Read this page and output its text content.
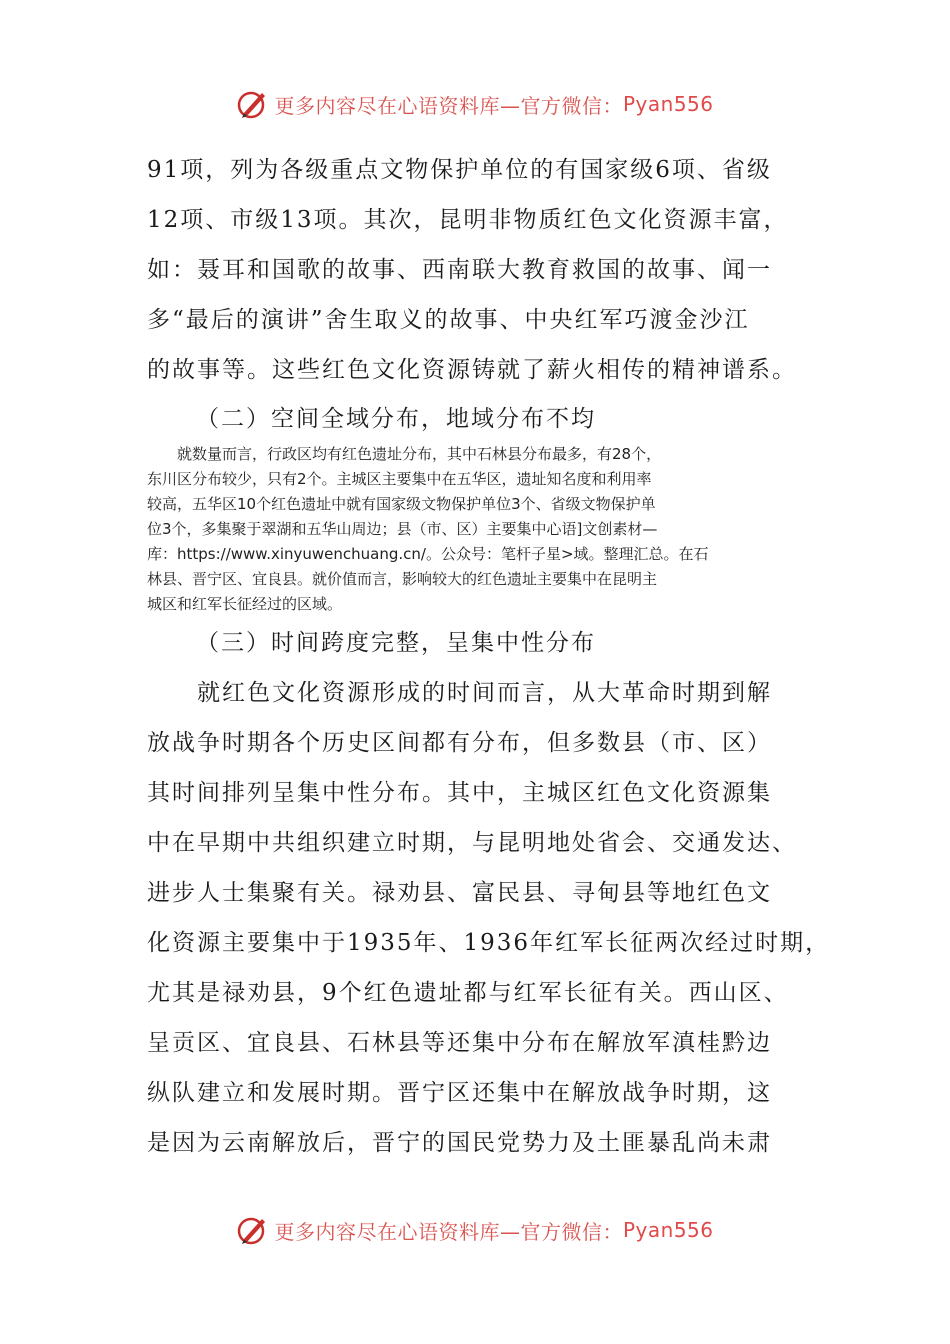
更多内容尽在心语资料库—官方微信： Pyan556
91项，列为各级重点文物保护单位的有国家级6项、省级
12项、市级13项。其次，昆明非物质红色文化资源丰富，
如：聂耳和国歌的故事、西南联大教育救国的故事、闻一
多“最后的演讲”舍生取义的故事、中央红军巧渡金沙江
的故事等。这些红色文化资源铸就了薪火相传的精神谱系。
（二）空间全域分布，地域分布不均
　　就数量而言，行政区均有红色遗址分布，其中石林县分布最多，有28个，
东川区分布较少，只有2个。主城区主要集中在五华区，遗址知名度和利用率
较高，五华区10个红色遗址中就有国家级文物保护单位3个、省级文物保护单
位3个，多集聚于翠湖和五华山周边；县（市、区）主要集中心语]文创素材—
库：https://www.xinyuwenchuang.cn/。公众号：笔杆子星>域。整理汇总。在石
林县、晋宁区、宜良县。就价值而言，影响较大的红色遗址主要集中在昆明主
城区和红军长征经过的区域。
（三）时间跨度完整，呈集中性分布
　　就红色文化资源形成的时间而言，从大革命时期到解
放战争时期各个历史区间都有分布，但多数县（市、区）
其时间排列呈集中性分布。其中，主城区红色文化资源集
中在早期中共组织建立时期，与昆明地处省会、交通发达、
进步人士集聚有关。禄劝县、富民县、寻甸县等地红色文
化资源主要集中于1935年、1936年红军长征两次经过时期，
尤其是禄劝县，9个红色遗址都与红军长征有关。西山区、
呈贡区、宜良县、石林县等还集中分布在解放军滇桂黔边
纵队建立和发展时期。晋宁区还集中在解放战争时期，这
是因为云南解放后，晋宁的国民党势力及土匪暴乱尚未肃
更多内容尽在心语资料库—官方微信： Pyan556
